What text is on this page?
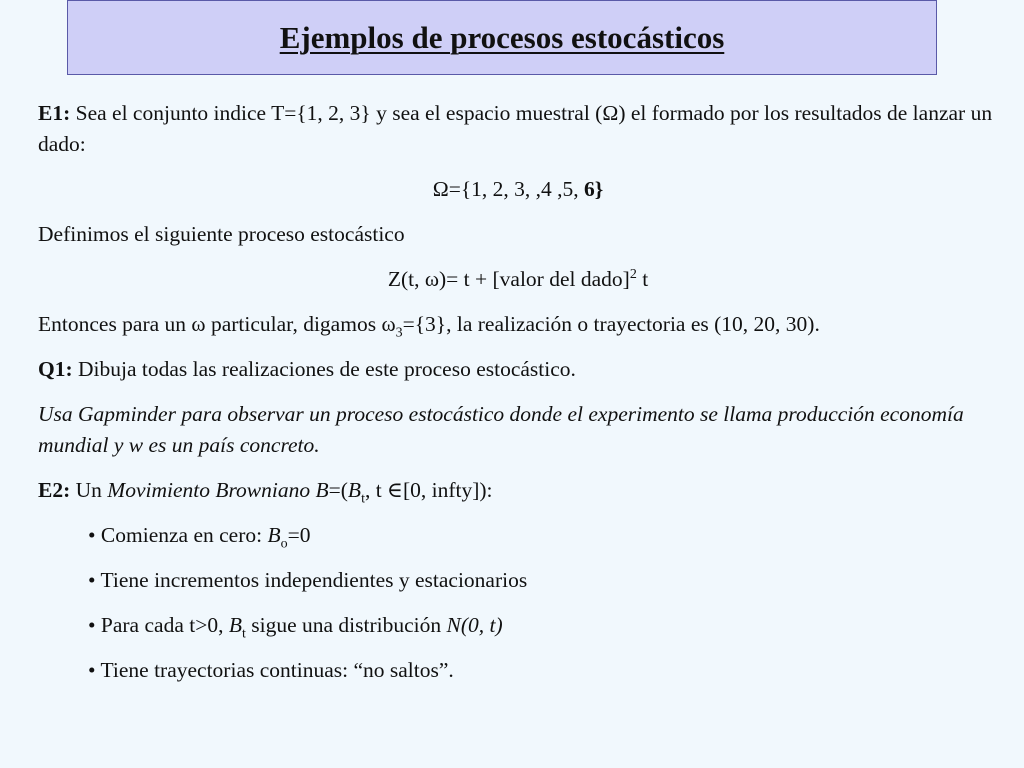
Ejemplos de procesos estocásticos

E1: Sea el conjunto indice T={1, 2, 3} y sea el espacio muestral (Ω) el formado por los resultados de lanzar un dado:

Ω={1, 2, 3, ,4 ,5, 6}

Definimos el siguiente proceso estocástico

Z(t, ω)= t + [valor del dado]$^2$ t

Entonces para un ω particular, digamos $\omega_3=\{3\}$, la realización o trayectoria es (10, 20, 30).

Q1: Dibuja todas las realizaciones de este proceso estocástico.

Usa Gapminder para observar un proceso estocástico donde el experimento se llama producción economía mundial y w es un país concreto.

E2: Un Movimiento Browniano $B=(B_t$, t ∈[0, infty]):

• Comienza en cero: $B_o=0$

• Tiene incrementos independientes y estacionarios

• Para cada t>0, $B_t$ sigue una distribución N(0, t)

• Tiene trayectorias continuas: “no saltos”.
